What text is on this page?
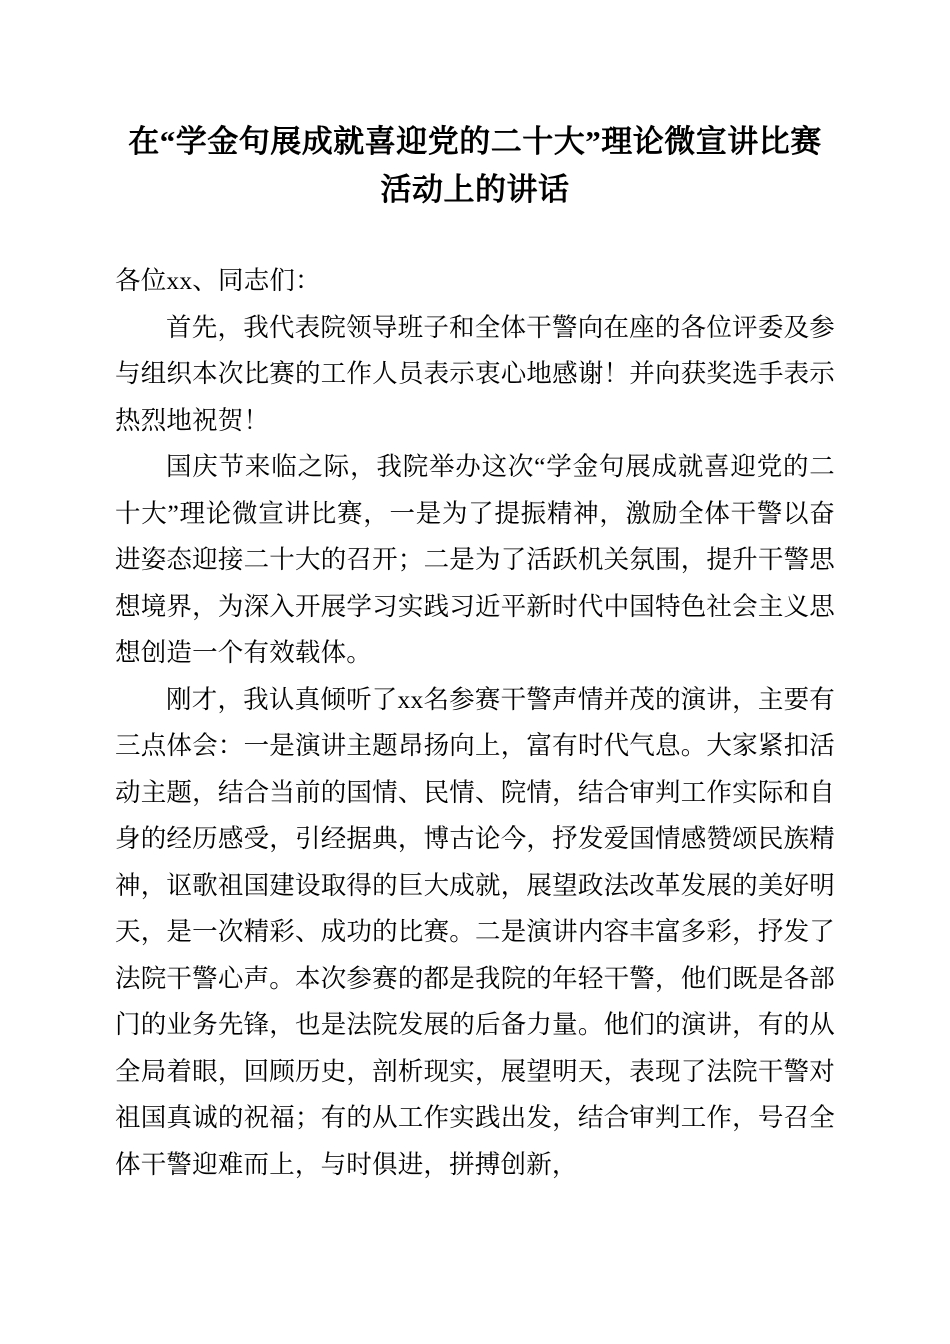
在“学金句展成就喜迎党的二十大”理论微宣讲比赛活动上的讲话

各位xx、同志们：

首先，我代表院领导班子和全体干警向在座的各位评委及参与组织本次比赛的工作人员表示衷心地感谢！并向获奖选手表示热烈地祝贺！

国庆节来临之际，我院举办这次“学金句展成就喜迎党的二十大”理论微宣讲比赛，一是为了提振精神，激励全体干警以奋进姿态迎接二十大的召开；二是为了活跃机关氛围，提升干警思想境界，为深入开展学习实践习近平新时代中国特色社会主义思想创造一个有效载体。

刚才，我认真倾听了xx名参赛干警声情并茂的演讲，主要有三点体会：一是演讲主题昂扬向上，富有时代气息。大家紧扣活动主题，结合当前的国情、民情、院情，结合审判工作实际和自身的经历感受，引经据典，博古论今，抒发爱国情感赞颂民族精神，讴歌祖国建设取得的巨大成就，展望政法改革发展的美好明天，是一次精彩、成功的比赛。二是演讲内容丰富多彩，抒发了法院干警心声。本次参赛的都是我院的年轻干警，他们既是各部门的业务先锋，也是法院发展的后备力量。他们的演讲，有的从全局着眼，回顾历史，剖析现实，展望明天，表现了法院干警对祖国真诚的祝福；有的从工作实践出发，结合审判工作，号召全体干警迎难而上，与时俱进，拼搏创新，
